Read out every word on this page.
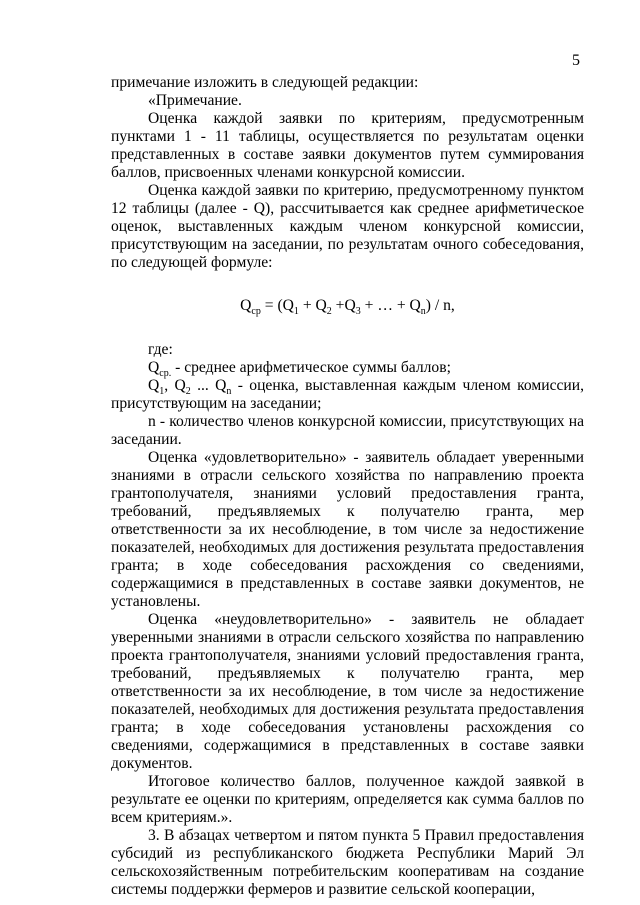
5

примечание изложить в следующей редакции:

«Примечание.

Оценка каждой заявки по критериям, предусмотренным пунктами 1 - 11 таблицы, осуществляется по результатам оценки представленных в составе заявки документов путем суммирования баллов, присвоенных членами конкурсной комиссии.

Оценка каждой заявки по критерию, предусмотренному пунктом 12 таблицы (далее - Q), рассчитывается как среднее арифметическое оценок, выставленных каждым членом конкурсной комиссии, присутствующим на заседании, по результатам очного собеседования, по следующей формуле:

$Q_{ср} = (Q_1 + Q_2 +Q_3$ + … + $Q_n$) / n,

где:

$Q_{ср.}$ - среднее арифметическое суммы баллов;

$Q_1$, $Q_2$ ... $Q_n$ - оценка, выставленная каждым членом комиссии, присутствующим на заседании;

n - количество членов конкурсной комиссии, присутствующих на заседании.

Оценка «удовлетворительно» - заявитель обладает уверенными знаниями в отрасли сельского хозяйства по направлению проекта грантополучателя, знаниями условий предоставления гранта, требований, предъявляемых к получателю гранта, мер ответственности за их несоблюдение, в том числе за недостижение показателей, необходимых для достижения результата предоставления гранта; в ходе собеседования расхождения со сведениями, содержащимися в представленных в составе заявки документов, не установлены.

Оценка «неудовлетворительно» - заявитель не обладает уверенными знаниями в отрасли сельского хозяйства по направлению проекта грантополучателя, знаниями условий предоставления гранта, требований, предъявляемых к получателю гранта, мер ответственности за их несоблюдение, в том числе за недостижение показателей, необходимых для достижения результата предоставления гранта; в ходе собеседования установлены расхождения со сведениями, содержащимися в представленных в составе заявки документов.

Итоговое количество баллов, полученное каждой заявкой в результате ее оценки по критериям, определяется как сумма баллов по всем критериям.».

3. В абзацах четвертом и пятом пункта 5 Правил предоставления субсидий из республиканского бюджета Республики Марий Эл сельскохозяйственным потребительским кооперативам на создание системы поддержки фермеров и развитие сельской кооперации,
